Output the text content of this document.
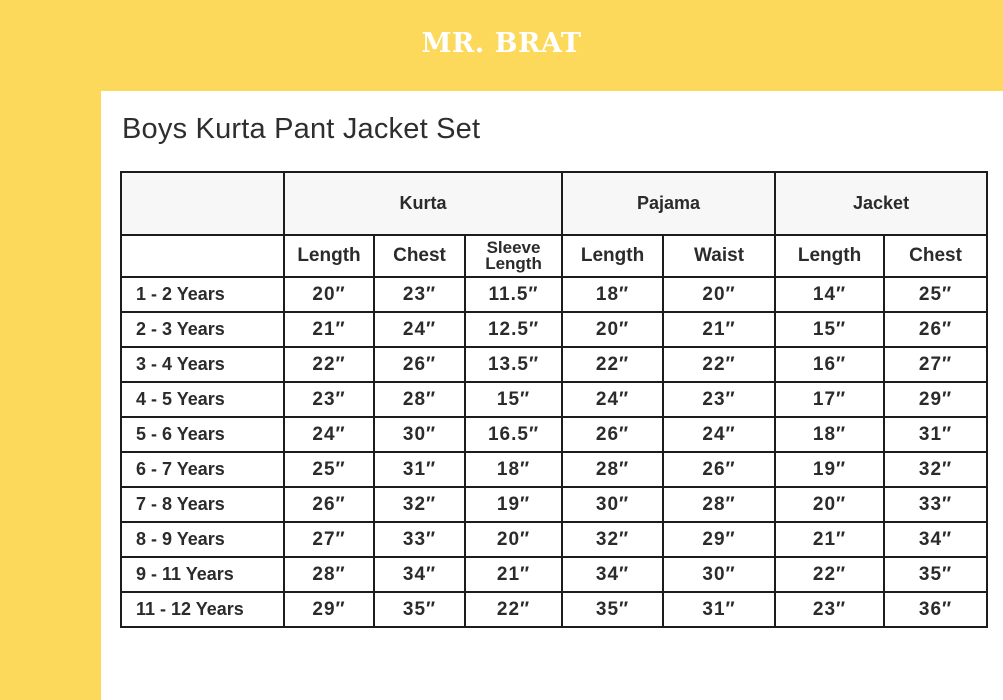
MR. BRAT
Boys Kurta Pant Jacket Set
	Kurta			Pajama		Jacket	
	Length	Chest	Sleeve Length	Length	Waist	Length	Chest
1 - 2 Years	20″	23″	11.5″	18″	20″	14″	25″
2 - 3 Years	21″	24″	12.5″	20″	21″	15″	26″
3 - 4 Years	22″	26″	13.5″	22″	22″	16″	27″
4 - 5 Years	23″	28″	15″	24″	23″	17″	29″
5 - 6 Years	24″	30″	16.5″	26″	24″	18″	31″
6 - 7 Years	25″	31″	18″	28″	26″	19″	32″
7 - 8 Years	26″	32″	19″	30″	28″	20″	33″
8 - 9 Years	27″	33″	20″	32″	29″	21″	34″
9 - 11 Years	28″	34″	21″	34″	30″	22″	35″
11 - 12 Years	29″	35″	22″	35″	31″	23″	36″
